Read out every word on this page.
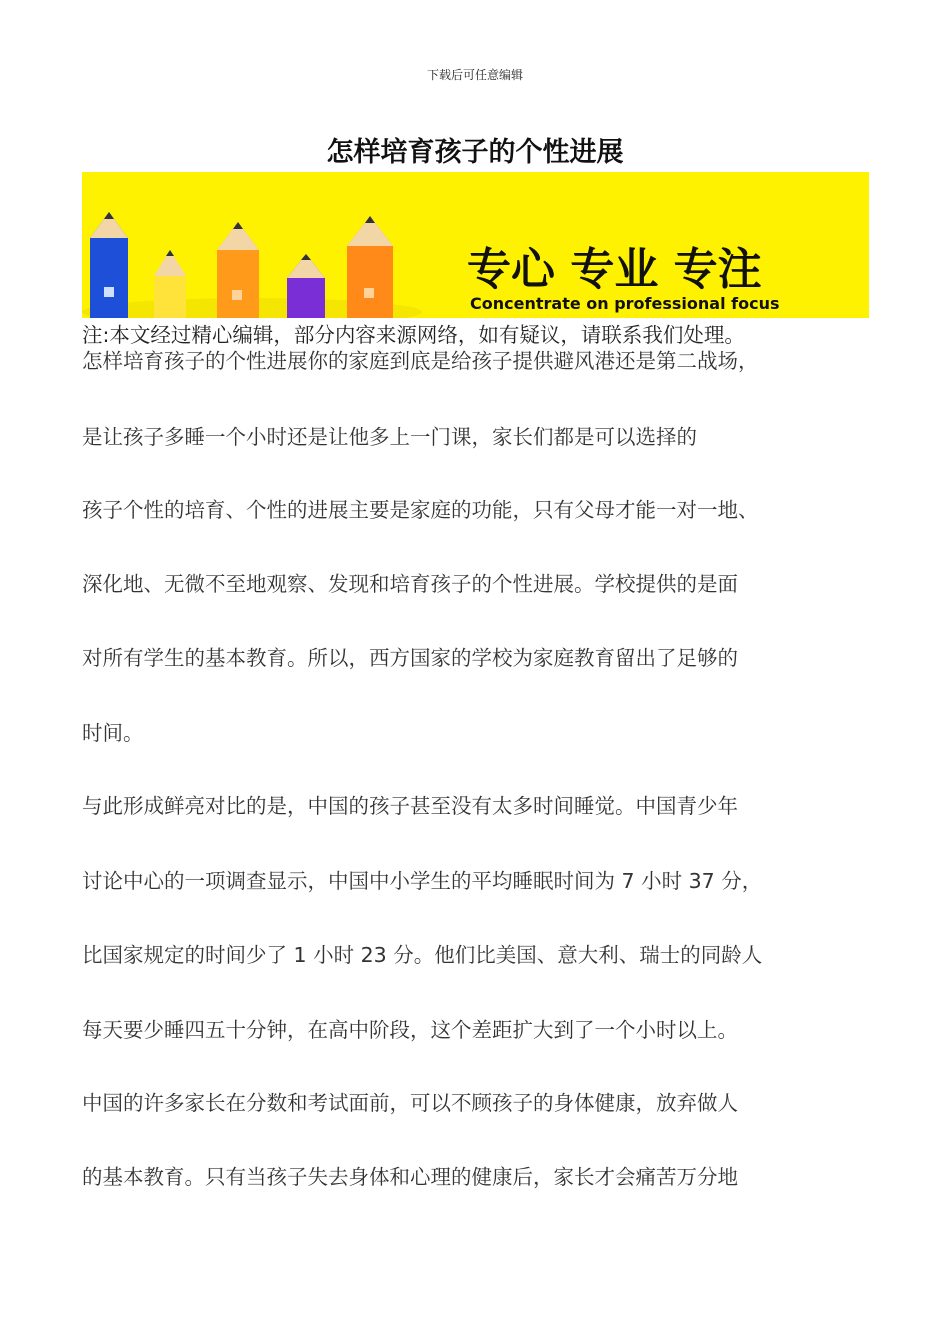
下载后可任意编辑
怎样培育孩子的个性进展
专心 专业 专注
Concentrate on professional focus
注:本文经过精心编辑，部分内容来源网络，如有疑议，请联系我们处理。
怎样培育孩子的个性进展你的家庭到底是给孩子提供避风港还是第二战场，
是让孩子多睡一个小时还是让他多上一门课，家长们都是可以选择的
孩子个性的培育、个性的进展主要是家庭的功能，只有父母才能一对一地、
深化地、无微不至地观察、发现和培育孩子的个性进展。学校提供的是面
对所有学生的基本教育。所以，西方国家的学校为家庭教育留出了足够的
时间。
与此形成鲜亮对比的是，中国的孩子甚至没有太多时间睡觉。中国青少年
讨论中心的一项调查显示，中国中小学生的平均睡眠时间为 7 小时 37 分，
比国家规定的时间少了 1 小时 23 分。他们比美国、意大利、瑞士的同龄人
每天要少睡四五十分钟，在高中阶段，这个差距扩大到了一个小时以上。
中国的许多家长在分数和考试面前，可以不顾孩子的身体健康，放弃做人
的基本教育。只有当孩子失去身体和心理的健康后，家长才会痛苦万分地
